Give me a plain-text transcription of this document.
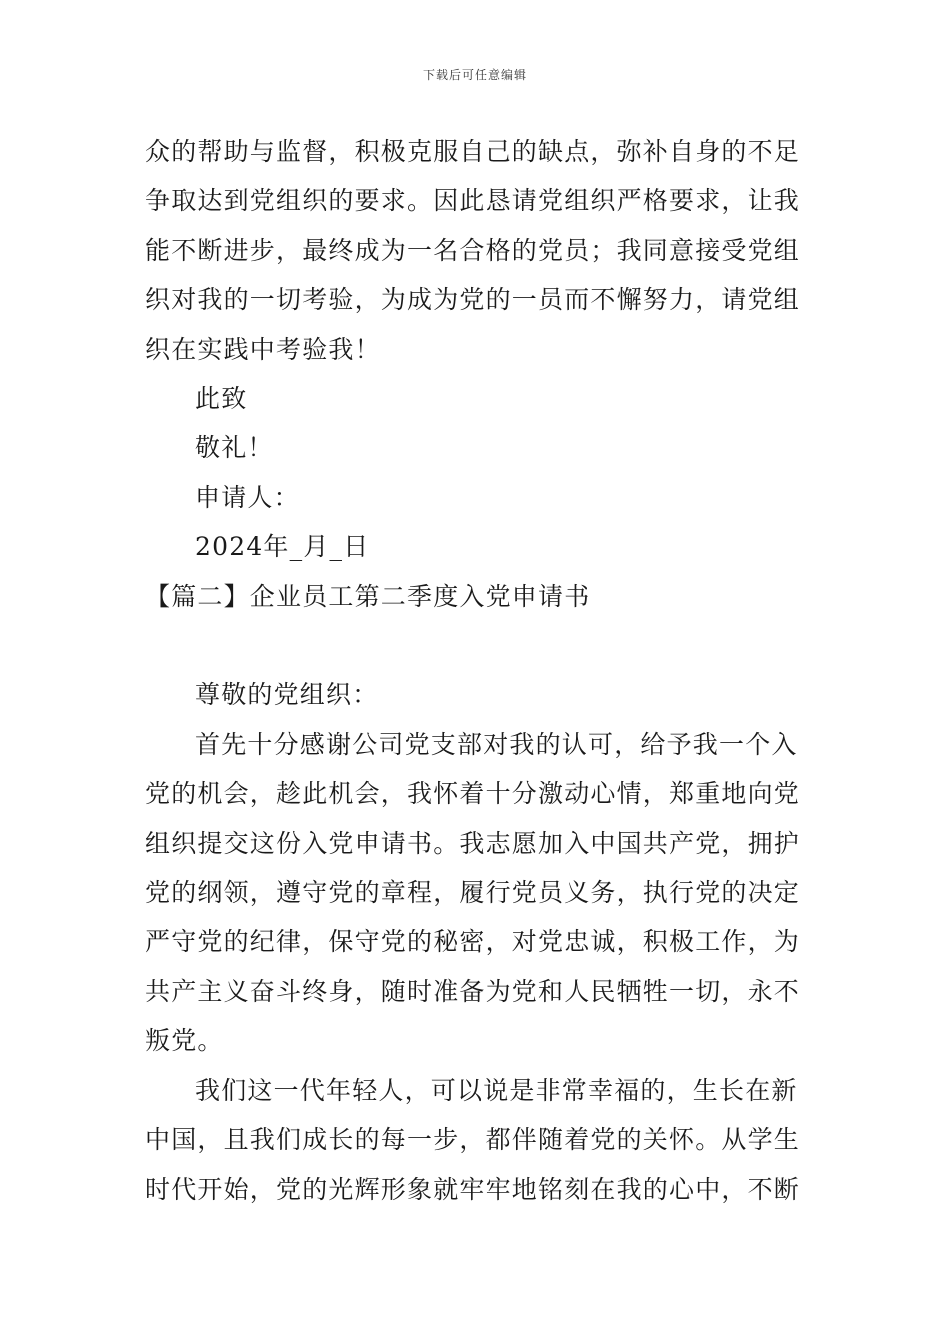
下载后可任意编辑

众的帮助与监督，积极克服自己的缺点，弥补自身的不足

争取达到党组织的要求。因此恳请党组织严格要求，让我

能不断进步，最终成为一名合格的党员；我同意接受党组

织对我的一切考验，为成为党的一员而不懈努力，请党组

织在实践中考验我！

此致

敬礼！

申请人：

2024年_月_日

【篇二】企业员工第二季度入党申请书

尊敬的党组织：

首先十分感谢公司党支部对我的认可，给予我一个入

党的机会，趁此机会，我怀着十分激动心情，郑重地向党

组织提交这份入党申请书。我志愿加入中国共产党，拥护

党的纲领，遵守党的章程，履行党员义务，执行党的决定

严守党的纪律，保守党的秘密，对党忠诚，积极工作，为

共产主义奋斗终身，随时准备为党和人民牺牲一切，永不

叛党。

我们这一代年轻人，可以说是非常幸福的，生长在新

中国，且我们成长的每一步，都伴随着党的关怀。从学生

时代开始，党的光辉形象就牢牢地铭刻在我的心中，不断
